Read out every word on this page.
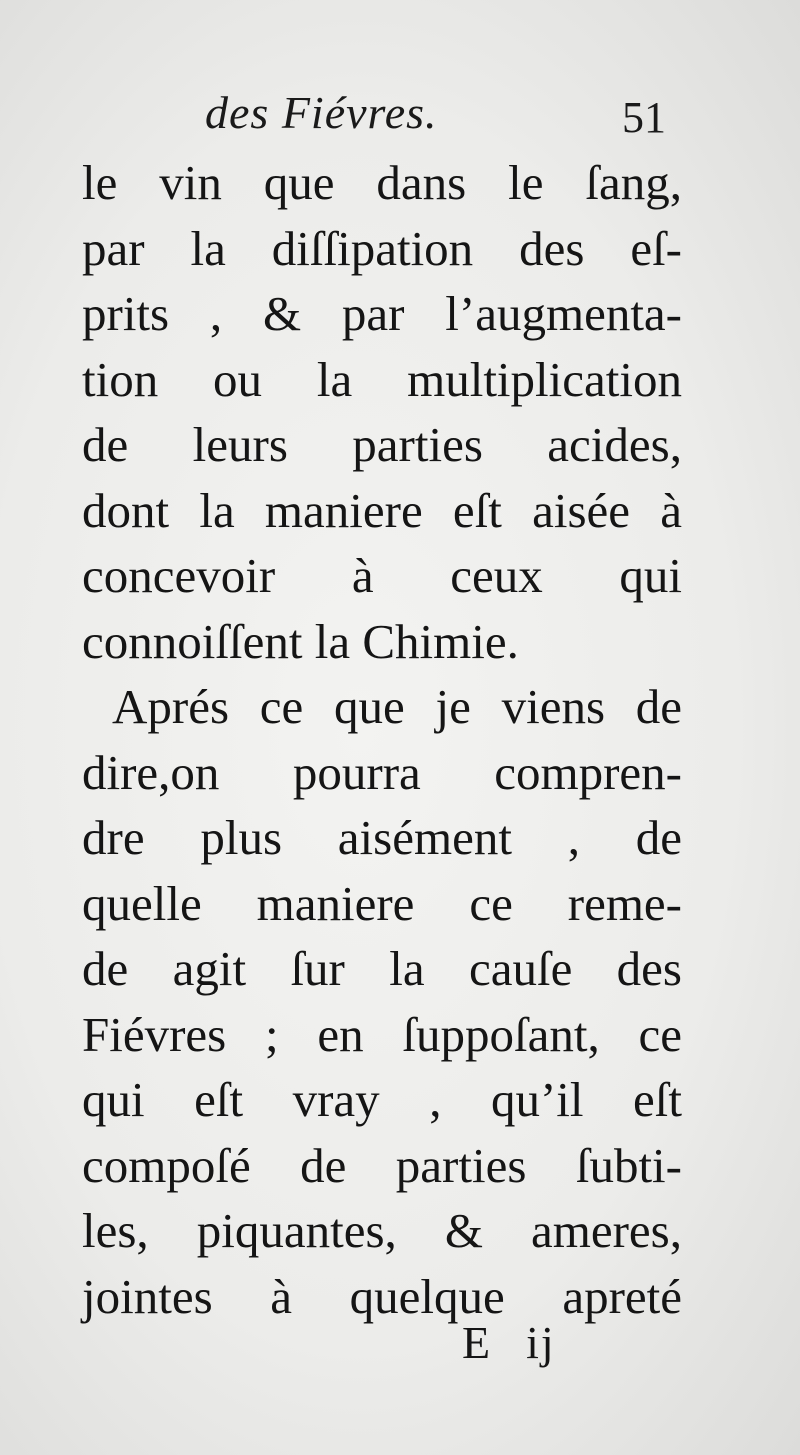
des Fiévres.	51
le vin que dans le ſang,
par la diſſipation des eſ-
prits , & par l’augmenta-
tion ou la multiplication
de leurs parties acides,
dont la maniere eſt aisée à
concevoir à ceux qui
connoiſſent la Chimie.
Aprés ce que je viens de
dire,on pourra compren-
dre plus aisément , de
quelle maniere ce reme-
de agit ſur la cauſe des
Fiévres ; en ſuppoſant, ce
qui eſt vray , qu’il eſt
compoſé de parties ſubti-
les, piquantes, & ameres,
jointes à quelque apreté
E ij
